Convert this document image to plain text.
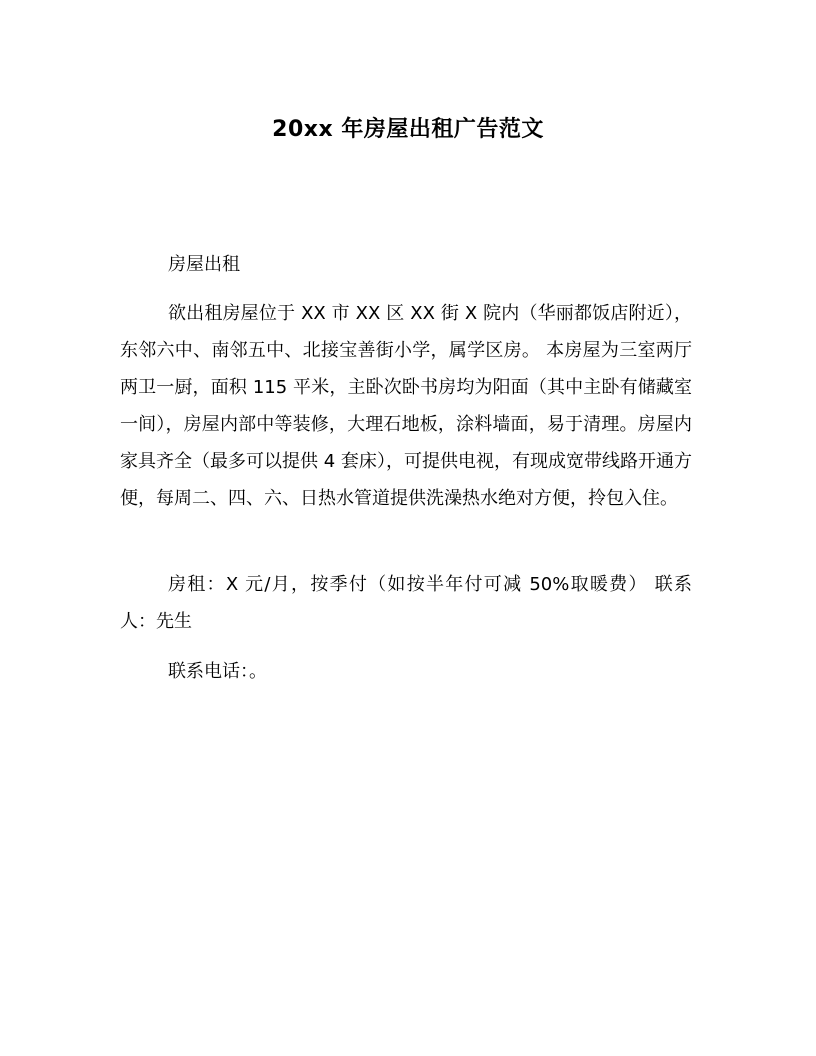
20xx 年房屋出租广告范文

房屋出租

欲出租房屋位于 XX 市 XX 区 XX 街 X 院内（华丽都饭店附近），东邻六中、南邻五中、北接宝善街小学，属学区房。 本房屋为三室两厅两卫一厨，面积 115 平米，主卧次卧书房均为阳面（其中主卧有储藏室一间），房屋内部中等装修，大理石地板，涂料墙面，易于清理。房屋内家具齐全（最多可以提供 4 套床），可提供电视，有现成宽带线路开通方便，每周二、四、六、日热水管道提供洗澡热水绝对方便，拎包入住。

房租：X 元/月，按季付（如按半年付可减 50%取暖费） 联系人：先生

联系电话：。
